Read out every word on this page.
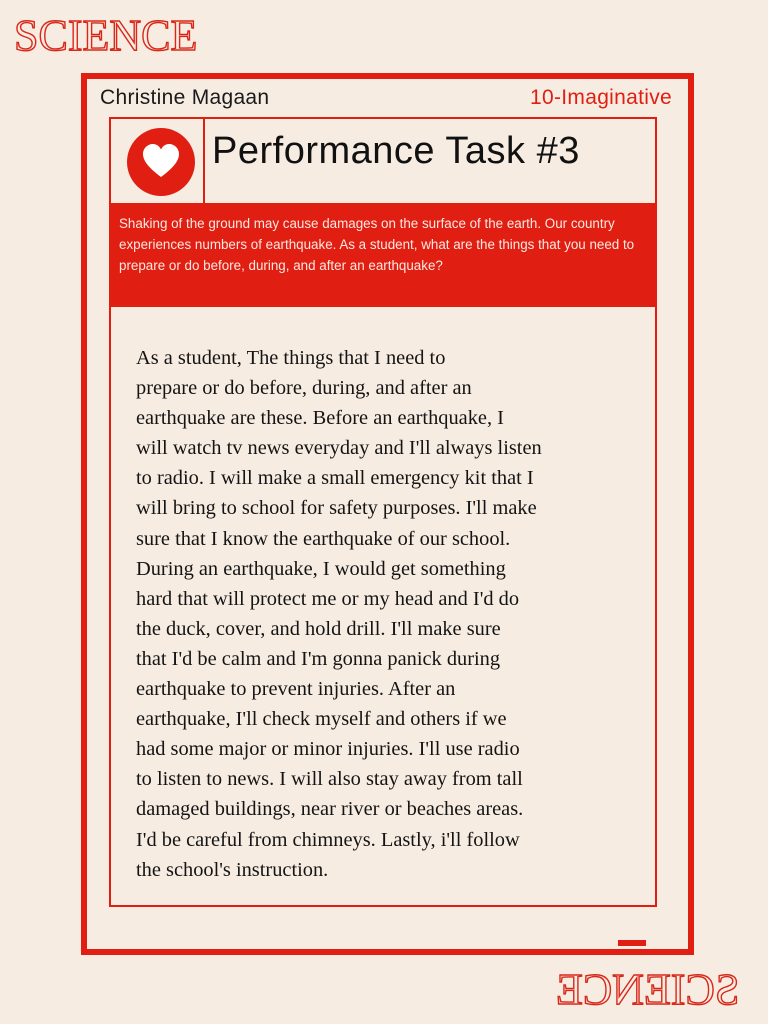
SCIENCE
Christine Magaan	10-Imaginative
Performance Task #3
Shaking of the ground may cause damages on the surface of the earth. Our country experiences numbers of earthquake. As a student, what are the things that you need to prepare or do before, during, and after an earthquake?

As a student, The things that I need to
prepare or do before, during, and after an
earthquake are these. Before an earthquake, I
will watch tv news everyday and I'll always listen
to radio. I will make a small emergency kit that I
will bring to school for safety purposes. I'll make
sure that I know the earthquake of our school.
During an earthquake, I would get something
hard that will protect me or my head and I'd do
the duck, cover, and hold drill. I'll make sure
that I'd be calm and I'm gonna panick during
earthquake to prevent injuries. After an
earthquake, I'll check myself and others if we
had some major or minor injuries. I'll use radio
to listen to news. I will also stay away from tall
damaged buildings, near river or beaches areas.
I'd be careful from chimneys. Lastly, i'll follow
the school's instruction.

SCIENCE
